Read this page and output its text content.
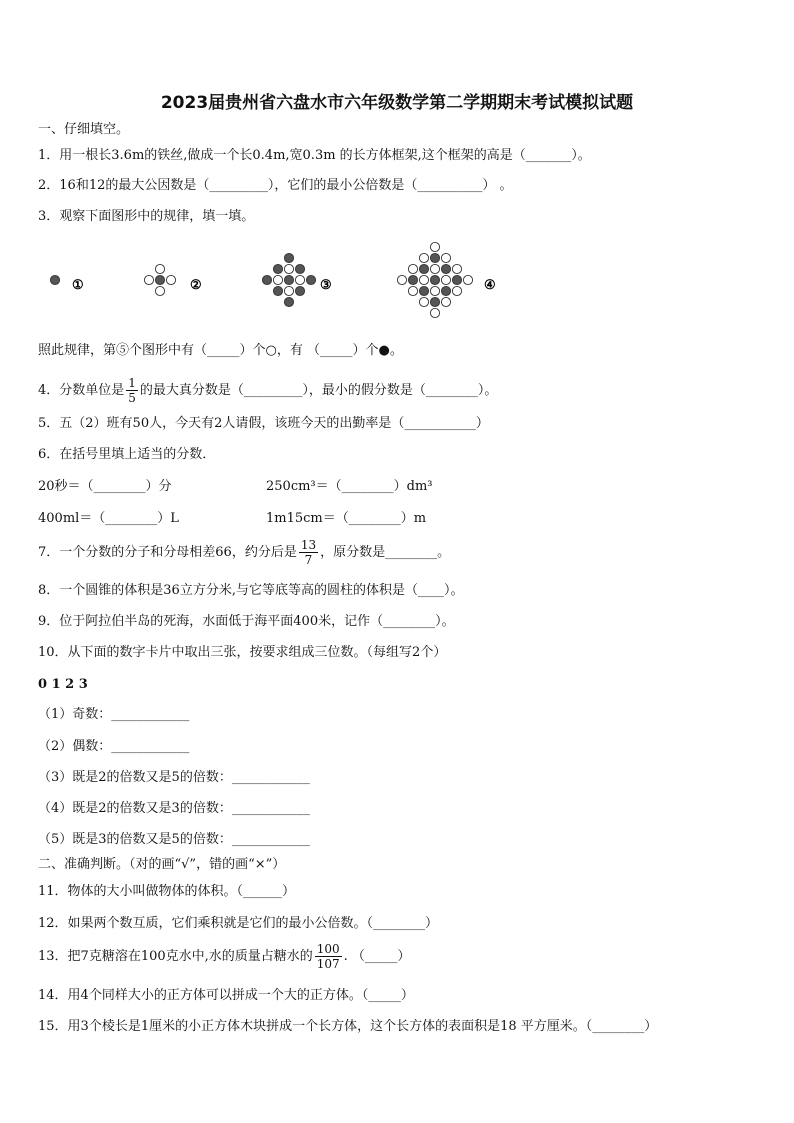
2023届贵州省六盘水市六年级数学第二学期期末考试模拟试题
一、仔细填空。
1．用一根长3.6m的铁丝,做成一个长0.4m,宽0.3m 的长方体框架,这个框架的高是（_______）。
2．16和12的最大公因数是（_________），它们的最小公倍数是（__________） 。
3．观察下面图形中的规律，填一填。
①	②	③	④
照此规律，第⑤个图形中有（_____）个○，有 （_____）个●。
4．分数单位是 $\frac{1}{5}$ 的最大真分数是（_________），最小的假分数是（________）。
5．五（2）班有50人，今天有2人请假，该班今天的出勤率是（___________）
6．在括号里填上适当的分数．
20秒＝（________）分	250cm³＝（________）dm³
400ml＝（________）L	1m15cm＝（________）m
7．一个分数的分子和分母相差66，约分后是 $\frac{13}{7}$ ，原分数是________。
8．一个圆锥的体积是36立方分米,与它等底等高的圆柱的体积是（____）。
9．位于阿拉伯半岛的死海，水面低于海平面400米，记作（________）。
10．从下面的数字卡片中取出三张，按要求组成三位数。（每组写2个）
0 1 2 3
（1）奇数：____________
（2）偶数：____________
（3）既是2的倍数又是5的倍数：____________
（4）既是2的倍数又是3的倍数：____________
（5）既是3的倍数又是5的倍数：____________
二、准确判断。（对的画“√”，错的画“×”）
11．物体的大小叫做物体的体积。（______）
12．如果两个数互质，它们乘积就是它们的最小公倍数。（________）
13．把7克糖溶在100克水中,水的质量占糖水的 $\frac{100}{107}$ . （_____）
14．用4个同样大小的正方体可以拼成一个大的正方体。（_____）
15．用3个棱长是1厘米的小正方体木块拼成一个长方体，这个长方体的表面积是18 平方厘米。（________）
